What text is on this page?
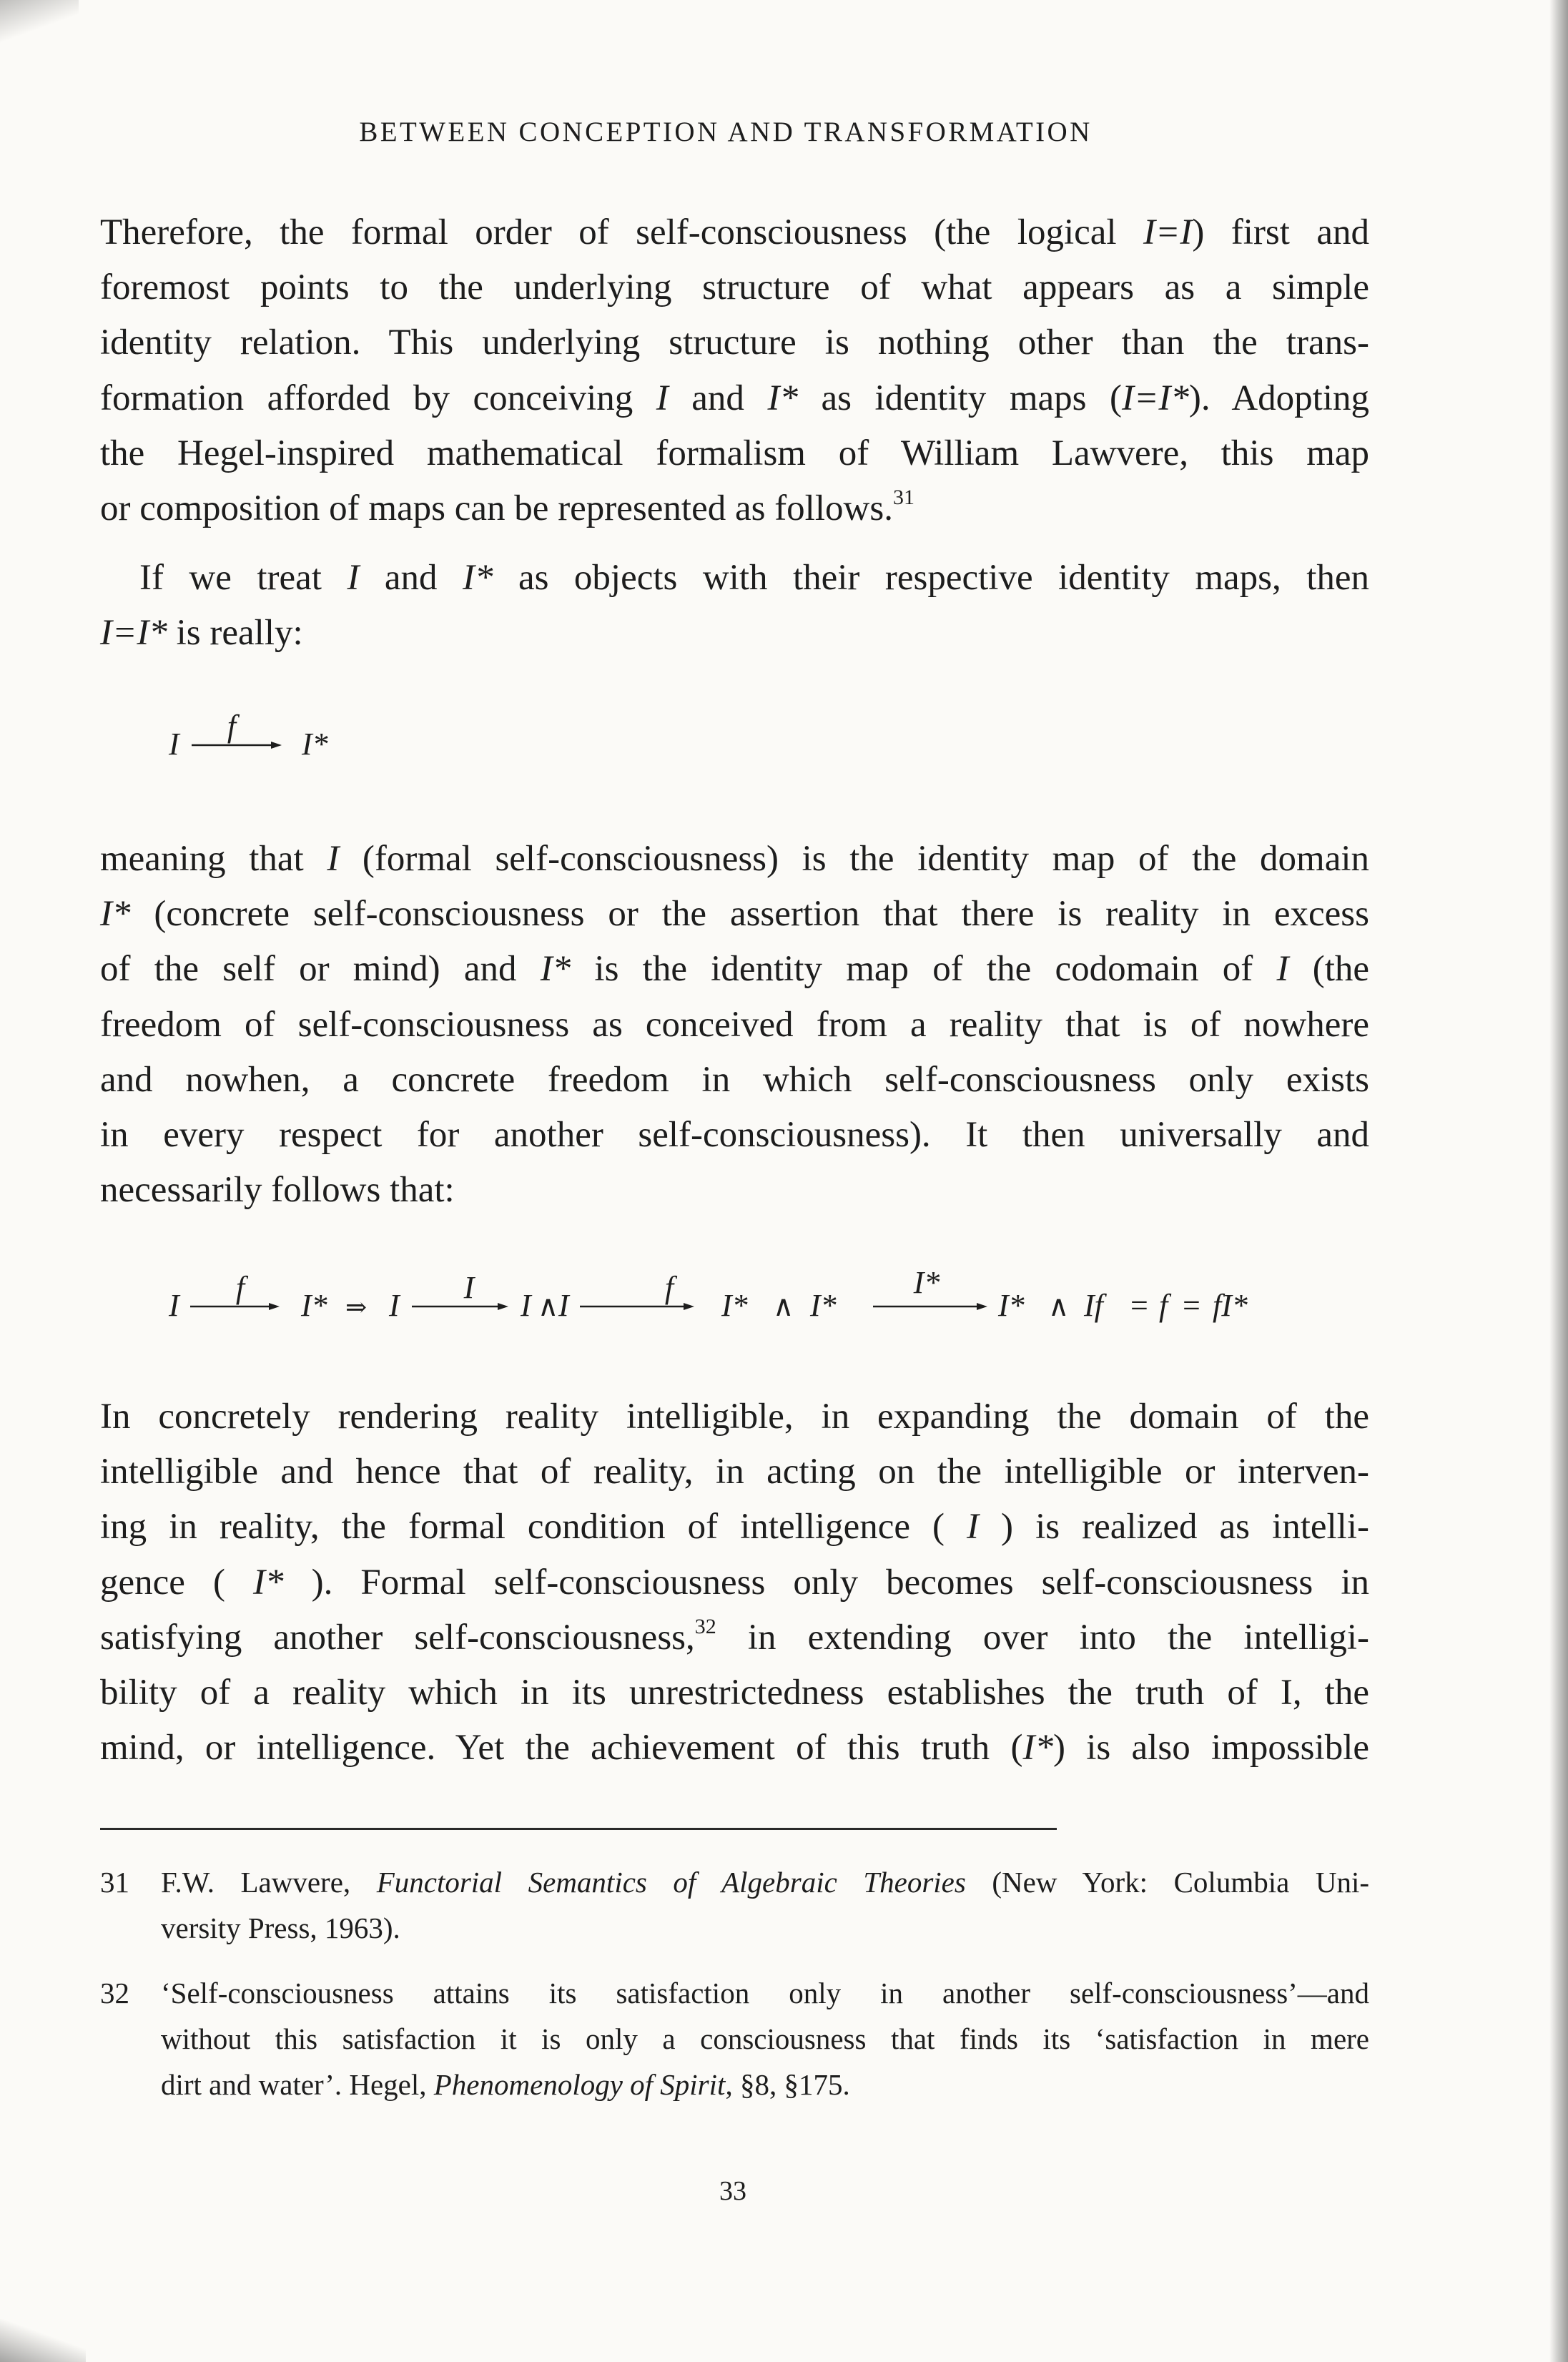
BETWEEN CONCEPTION AND TRANSFORMATION
Therefore, the formal order of self-consciousness (the logical I=I) first and
foremost points to the underlying structure of what appears as a simple
identity relation. This underlying structure is nothing other than the trans-
formation afforded by conceiving I and I* as identity maps (I=I*). Adopting
the Hegel-inspired mathematical formalism of William Lawvere, this map
or composition of maps can be represented as follows.$^{31}$
If we treat I and I* as objects with their respective identity maps, then
I=I* is really:
I
f
I*
meaning that I (formal self-consciousness) is the identity map of the domain
I* (concrete self-consciousness or the assertion that there is reality in excess
of the self or mind) and I* is the identity map of the codomain of I (the
freedom of self-consciousness as conceived from a reality that is of nowhere
and nowhen, a concrete freedom in which self-consciousness only exists
in every respect for another self-consciousness). It then universally and
necessarily follows that:
I
f
I* ⇒ I
I
I ∧ I
f
I* ∧ I*
I*
I* ∧ If = f = fI*
In concretely rendering reality intelligible, in expanding the domain of the
intelligible and hence that of reality, in acting on the intelligible or interven-
ing in reality, the formal condition of intelligence ( I ) is realized as intelli-
gence ( I* ). Formal self-consciousness only becomes self-consciousness in
satisfying another self-consciousness,$^{32}$ in extending over into the intelligi-
bility of a reality which in its unrestrictedness establishes the truth of I, the
mind, or intelligence. Yet the achievement of this truth (I*) is also impossible
31 F.W. Lawvere, Functorial Semantics of Algebraic Theories (New York: Columbia Uni-
versity Press, 1963).
32 ‘Self-consciousness attains its satisfaction only in another self-consciousness’—and
without this satisfaction it is only a consciousness that finds its ‘satisfaction in mere
dirt and water’. Hegel, Phenomenology of Spirit, §8, §175.
33
